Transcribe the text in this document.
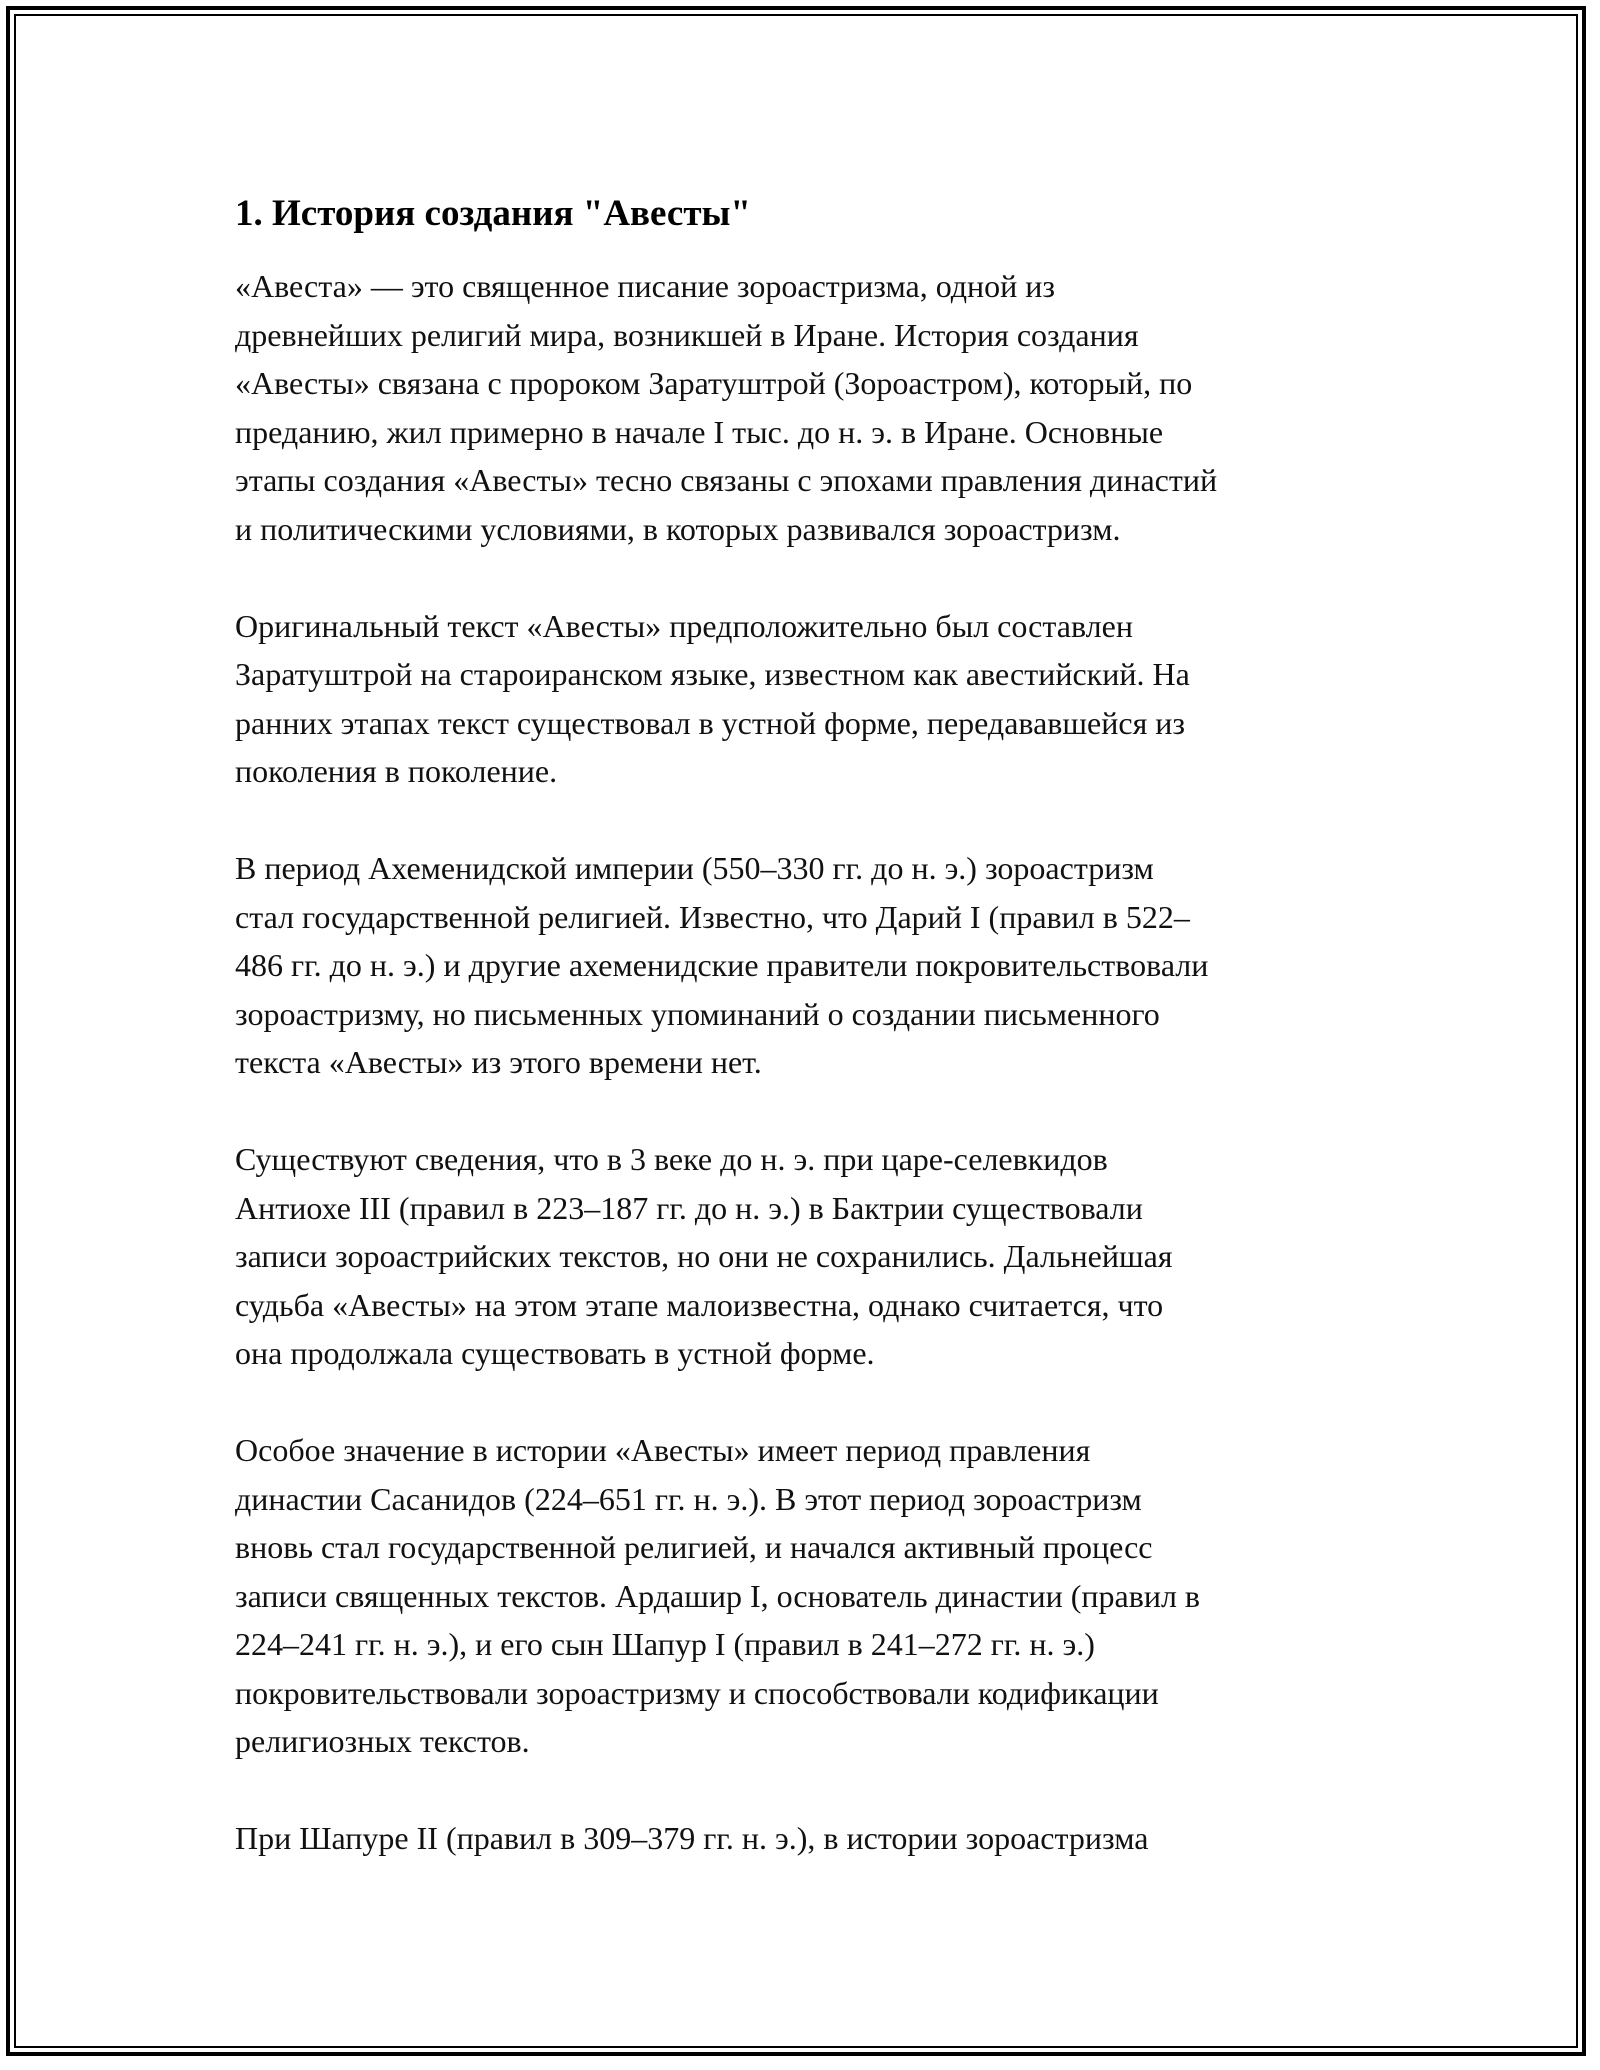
1. История создания "Авесты"

«Авеста» — это священное писание зороастризма, одной из
древнейших религий мира, возникшей в Иране. История создания
«Авесты» связана с пророком Заратуштрой (Зороастром), который, по
преданию, жил примерно в начале I тыс. до н. э. в Иране. Основные
этапы создания «Авесты» тесно связаны с эпохами правления династий
и политическими условиями, в которых развивался зороастризм.

Оригинальный текст «Авесты» предположительно был составлен
Заратуштрой на староиранском языке, известном как авестийский. На
ранних этапах текст существовал в устной форме, передававшейся из
поколения в поколение.

В период Ахеменидской империи (550–330 гг. до н. э.) зороастризм
стал государственной религией. Известно, что Дарий I (правил в 522–
486 гг. до н. э.) и другие ахеменидские правители покровительствовали
зороастризму, но письменных упоминаний о создании письменного
текста «Авесты» из этого времени нет.

Существуют сведения, что в 3 веке до н. э. при царе-селевкидов
Антиохе III (правил в 223–187 гг. до н. э.) в Бактрии существовали
записи зороастрийских текстов, но они не сохранились. Дальнейшая
судьба «Авесты» на этом этапе малоизвестна, однако считается, что
она продолжала существовать в устной форме.

Особое значение в истории «Авесты» имеет период правления
династии Сасанидов (224–651 гг. н. э.). В этот период зороастризм
вновь стал государственной религией, и начался активный процесс
записи священных текстов. Ардашир I, основатель династии (правил в
224–241 гг. н. э.), и его сын Шапур I (правил в 241–272 гг. н. э.)
покровительствовали зороастризму и способствовали кодификации
религиозных текстов.

При Шапуре II (правил в 309–379 гг. н. э.), в истории зороастризма
